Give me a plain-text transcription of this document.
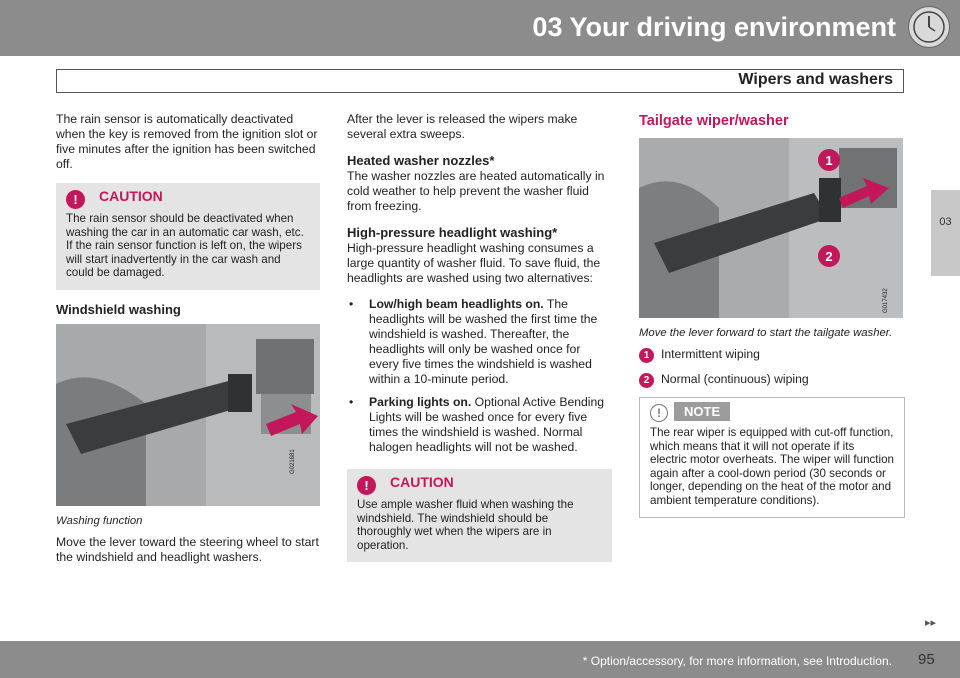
03 Your driving environment
Wipers and washers
03

The rain sensor is automatically deactivated when the key is removed from the ignition slot or five minutes after the ignition has been switched off.

!	CAUTION
The rain sensor should be deactivated when washing the car in an automatic car wash, etc. If the rain sensor function is left on, the wipers will start inadvertently in the car wash and could be damaged.
Windshield washing
G021681
Washing function

Move the lever toward the steering wheel to start the windshield and headlight washers.

After the lever is released the wipers make several extra sweeps.

Heated washer nozzles*

The washer nozzles are heated automatically in cold weather to help prevent the washer fluid from freezing.

High-pressure headlight washing*

High-pressure headlight washing consumes a large quantity of washer fluid. To save fluid, the headlights are washed using two alternatives:

• Low/high beam headlights on. The headlights will be washed the first time the windshield is washed. Thereafter, the headlights will only be washed once for every five times the windshield is washed within a 10-minute period.
• Parking lights on. Optional Active Bending Lights will be washed once for every five times the windshield is washed. Normal halogen headlights will not be washed.
!	CAUTION
Use ample washer fluid when washing the windshield. The windshield should be thoroughly wet when the wipers are in operation.
Tailgate wiper/washer
1
2
G017432
Move the lever forward to start the tailgate washer.
1 Intermittent wiping
2 Normal (continuous) wiping
!	NOTE
The rear wiper is equipped with cut-off function, which means that it will not operate if its electric motor overheats. The wiper will function again after a cool-down period (30 seconds or longer, depending on the heat of the motor and ambient temperature conditions).
▸▸
* Option/accessory, for more information, see Introduction. 95
